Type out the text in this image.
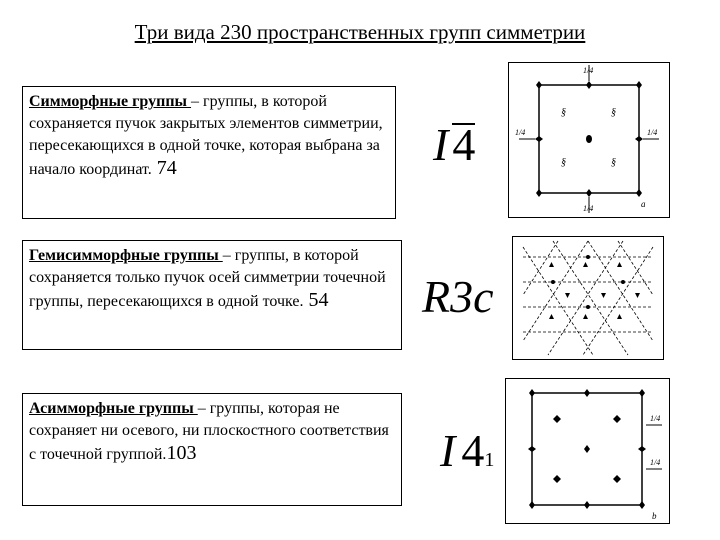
Три вида 230 пространственных групп симметрии
Симморфные группы – группы, в которой сохраняется пучок закрытых элементов симметрии, пересекающихся в одной точке, которая выбрана за начало координат. 74	I4
§	§
§	§
1/4
1/4	1/4
1/4	a
Гемисимморфные группы – группы, в которой сохраняется только пучок осей симметрии точечной группы, пересекающихся в одной точке. 54	R3c
Асимморфные группы – группы, которая не сохраняет ни осевого, ни плоскостного соответствия с точечной группой.103	I 41
1/4
1/4
b
